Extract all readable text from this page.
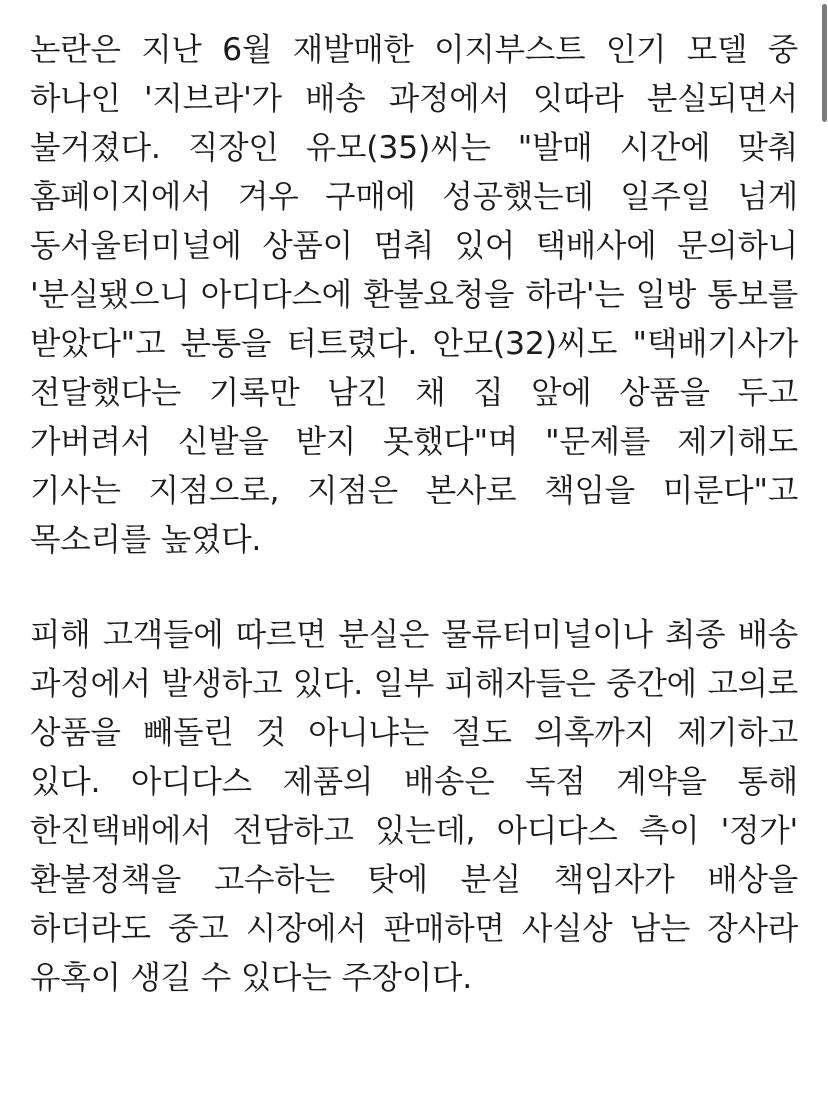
논란은 지난 6월 재발매한 이지부스트 인기 모델 중 하나인 '지브라'가 배송 과정에서 잇따라 분실되면서 불거졌다. 직장인 유모(35)씨는 "발매 시간에 맞춰 홈페이지에서 겨우 구매에 성공했는데 일주일 넘게 동서울터미널에 상품이 멈춰 있어 택배사에 문의하니 '분실됐으니 아디다스에 환불요청을 하라'는 일방 통보를 받았다"고 분통을 터트렸다. 안모(32)씨도 "택배기사가 전달했다는 기록만 남긴 채 집 앞에 상품을 두고 가버려서 신발을 받지 못했다"며 "문제를 제기해도 기사는 지점으로, 지점은 본사로 책임을 미룬다"고 목소리를 높였다.

피해 고객들에 따르면 분실은 물류터미널이나 최종 배송 과정에서 발생하고 있다. 일부 피해자들은 중간에 고의로 상품을 빼돌린 것 아니냐는 절도 의혹까지 제기하고 있다. 아디다스 제품의 배송은 독점 계약을 통해 한진택배에서 전담하고 있는데, 아디다스 측이 '정가' 환불정책을 고수하는 탓에 분실 책임자가 배상을 하더라도 중고 시장에서 판매하면 사실상 남는 장사라 유혹이 생길 수 있다는 주장이다.
